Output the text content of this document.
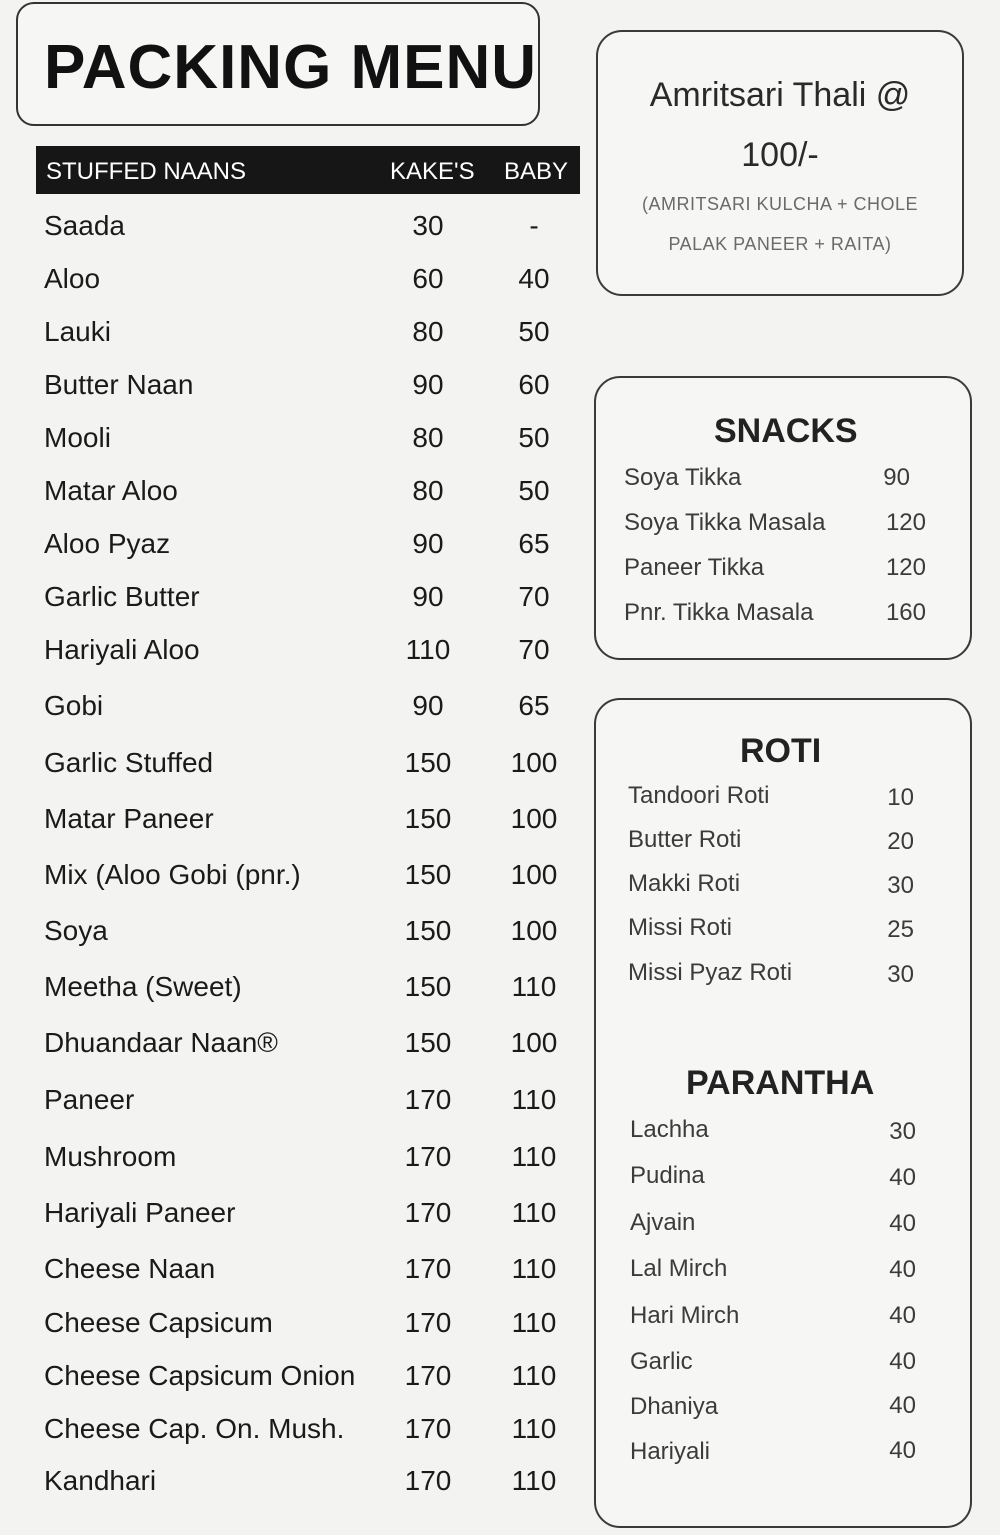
PACKING MENU
STUFFED NAANS	KAKE'S BABY
Saada	30	-
Aloo	60	40
Lauki	80	50
Butter Naan	90	60
Mooli	80	50
Matar Aloo	80	50
Aloo Pyaz	90	65
Garlic Butter	90	70
Hariyali Aloo	110	70
Gobi	90	65
Garlic Stuffed	150	100
Matar Paneer	150	100
Mix (Aloo Gobi (pnr.)	150	100
Soya	150	100
Meetha (Sweet)	150	110
Dhuandaar Naan®	150	100
Paneer	170	110
Mushroom	170	110
Hariyali Paneer	170	110
Cheese Naan	170	110
Cheese Capsicum	170	110
Cheese Capsicum Onion	170	110
Cheese Cap. On. Mush.	170	110
Kandhari	170	110
Amritsari Thali @
100/-
(AMRITSARI KULCHA + CHOLE
PALAK PANEER + RAITA)
SNACKS
Soya Tikka	90
Soya Tikka Masala	120
Paneer Tikka	120
Pnr. Tikka Masala	160
ROTI
Tandoori Roti	10
Butter Roti	20
Makki Roti	30
Missi Roti	25
Missi Pyaz Roti	30
PARANTHA
Lachha	30
Pudina	40
Ajvain	40
Lal Mirch	40
Hari Mirch	40
Garlic	40
Dhaniya	40
Hariyali	40
